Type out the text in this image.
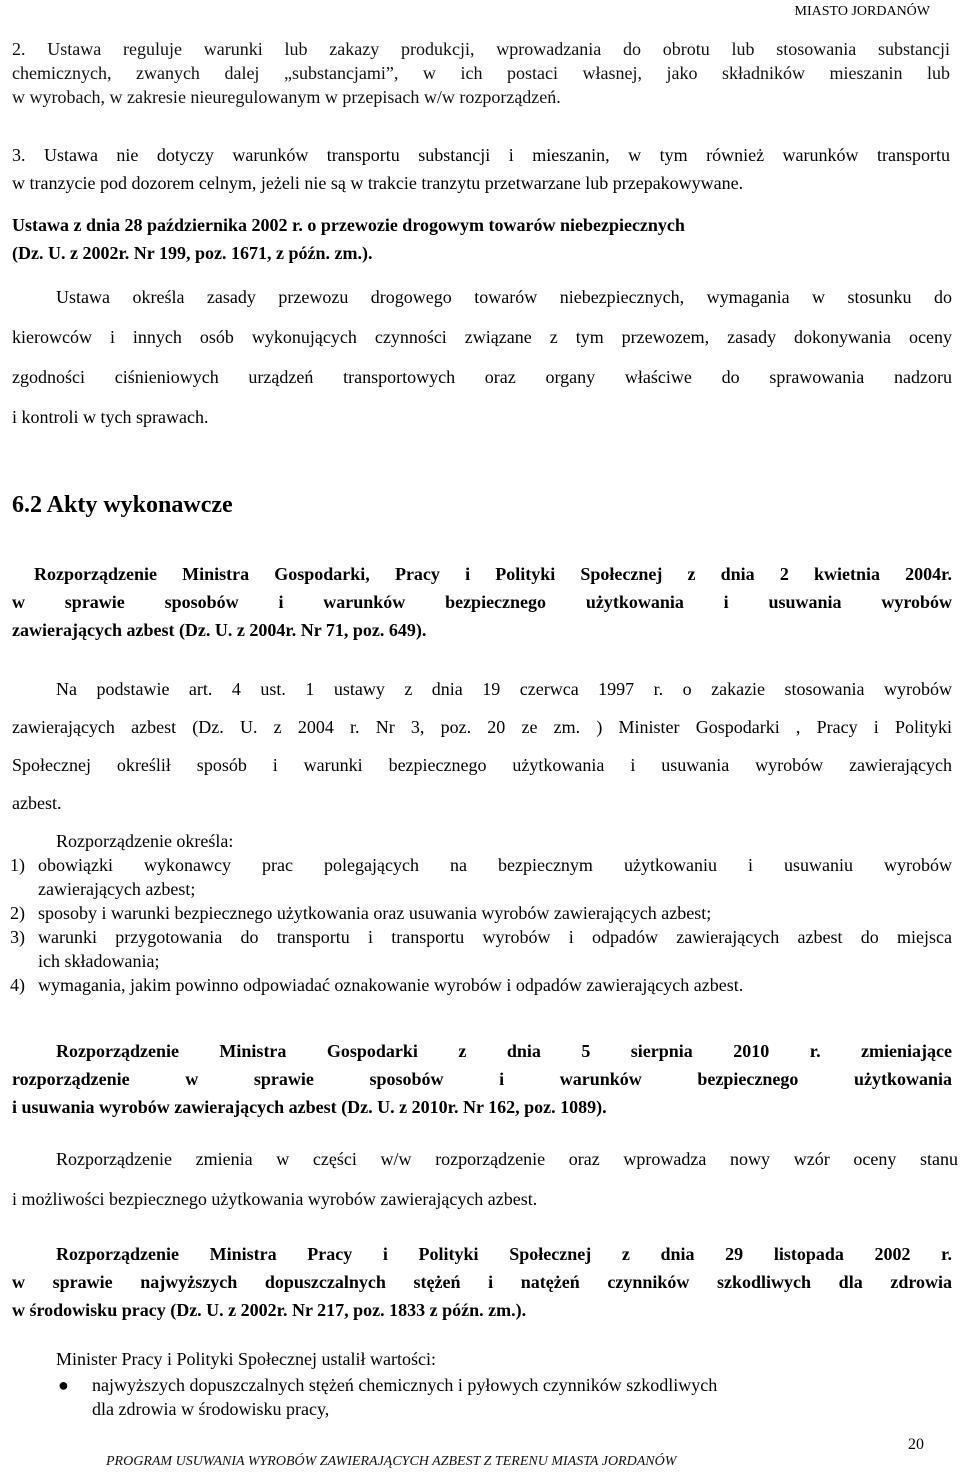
MIASTO JORDANÓW
2. Ustawa reguluje warunki lub zakazy produkcji, wprowadzania do obrotu lub stosowania substancji
chemicznych, zwanych dalej „substancjami”, w ich postaci własnej, jako składników mieszanin lub
w wyrobach, w zakresie nieuregulowanym w przepisach w/w rozporządzeń.
3. Ustawa nie dotyczy warunków transportu substancji i mieszanin, w tym również warunków transportu
w tranzycie pod dozorem celnym, jeżeli nie są w trakcie tranzytu przetwarzane lub przepakowywane.
Ustawa z dnia 28 października 2002 r. o przewozie drogowym towarów niebezpiecznych
(Dz. U. z 2002r. Nr 199, poz. 1671, z późn. zm.).
Ustawa określa zasady przewozu drogowego towarów niebezpiecznych, wymagania w stosunku do
kierowców i innych osób wykonujących czynności związane z tym przewozem, zasady dokonywania oceny
zgodności ciśnieniowych urządzeń transportowych oraz organy właściwe do sprawowania nadzoru
i kontroli w tych sprawach.
6.2 Akty wykonawcze
Rozporządzenie Ministra Gospodarki, Pracy i Polityki Społecznej z dnia 2 kwietnia 2004r.
w sprawie sposobów i warunków bezpiecznego użytkowania i usuwania wyrobów
zawierających azbest (Dz. U. z 2004r. Nr 71, poz. 649).
Na podstawie art. 4 ust. 1 ustawy z dnia 19 czerwca 1997 r. o zakazie stosowania wyrobów
zawierających azbest (Dz. U. z 2004 r. Nr 3, poz. 20 ze zm. ) Minister Gospodarki , Pracy i Polityki
Społecznej określił sposób i warunki bezpiecznego użytkowania i usuwania wyrobów zawierających
azbest.
Rozporządzenie określa:
1) obowiązki wykonawcy prac polegających na bezpiecznym użytkowaniu i usuwaniu wyrobów
zawierających azbest;
2) sposoby i warunki bezpiecznego użytkowania oraz usuwania wyrobów zawierających azbest;
3) warunki przygotowania do transportu i transportu wyrobów i odpadów zawierających azbest do miejsca
ich składowania;
4) wymagania, jakim powinno odpowiadać oznakowanie wyrobów i odpadów zawierających azbest.
Rozporządzenie Ministra Gospodarki z dnia 5 sierpnia 2010 r. zmieniające
rozporządzenie w sprawie sposobów i warunków bezpiecznego użytkowania
i usuwania wyrobów zawierających azbest (Dz. U. z 2010r. Nr 162, poz. 1089).
Rozporządzenie zmienia w części w/w rozporządzenie oraz wprowadza nowy wzór oceny stanu
i możliwości bezpiecznego użytkowania wyrobów zawierających azbest.
Rozporządzenie Ministra Pracy i Polityki Społecznej z dnia 29 listopada 2002 r.
w sprawie najwyższych dopuszczalnych stężeń i natężeń czynników szkodliwych dla zdrowia
w środowisku pracy (Dz. U. z 2002r. Nr 217, poz. 1833 z późn. zm.).
Minister Pracy i Polityki Społecznej ustalił wartości:
● najwyższych dopuszczalnych stężeń chemicznych i pyłowych czynników szkodliwych
dla zdrowia w środowisku pracy,
20
PROGRAM USUWANIA WYROBÓW ZAWIERAJĄCYCH AZBEST Z TERENU MIASTA JORDANÓW
